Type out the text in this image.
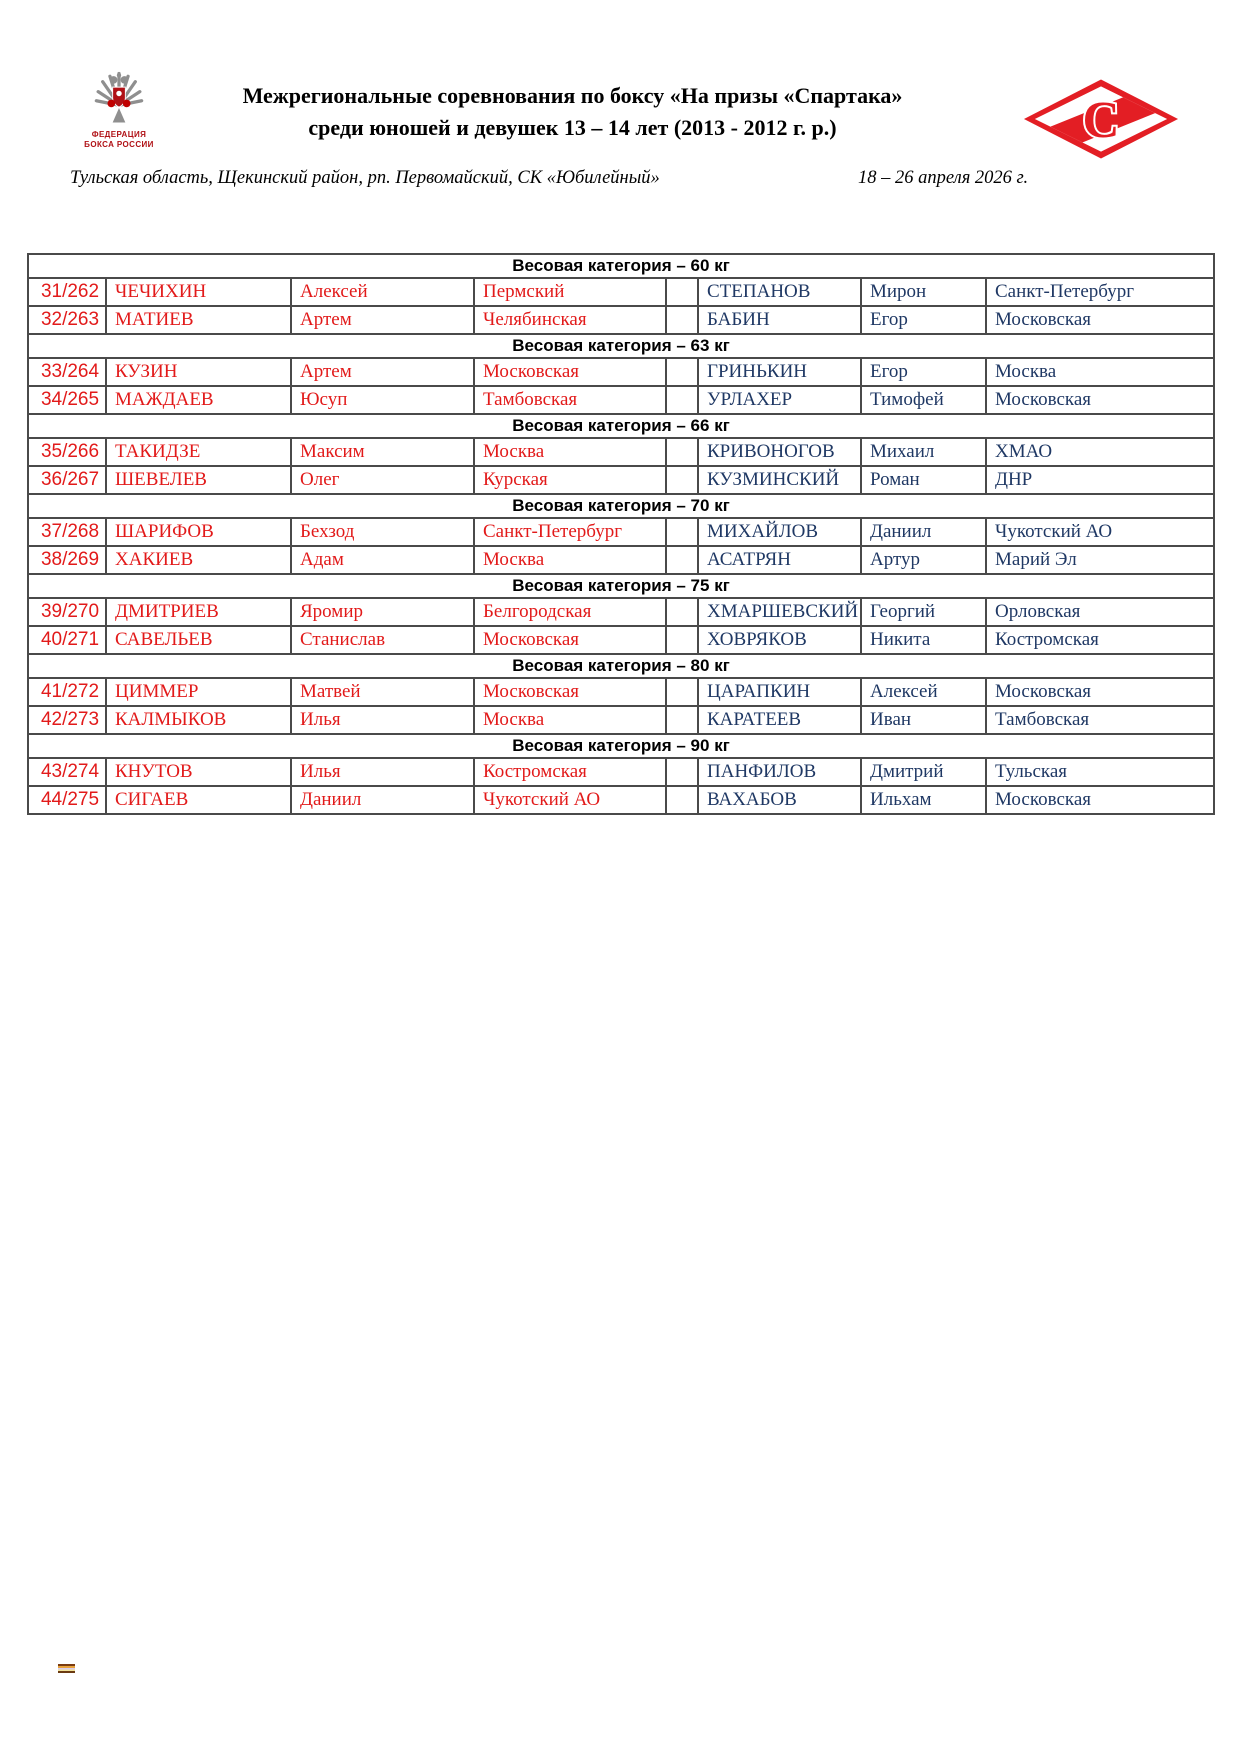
ФЕДЕРАЦИЯ
БОКСА РОССИИ
Межрегиональные соревнования по боксу «На призы «Спартака»
среди юношей и девушек 13 – 14 лет (2013 - 2012 г. р.)	С
Тульская область, Щекинский район, рп. Первомайский, СК «Юбилейный»	18 – 26 апреля 2026 г.
Весовая категория – 60 кг							
31/262	ЧЕЧИХИН	Алексей	Пермский		СТЕПАНОВ	Мирон	Санкт-Петербург
32/263	МАТИЕВ	Артем	Челябинская		БАБИН	Егор	Московская
Весовая категория – 63 кг							
33/264	КУЗИН	Артем	Московская		ГРИНЬКИН	Егор	Москва
34/265	МАЖДАЕВ	Юсуп	Тамбовская		УРЛАХЕР	Тимофей	Московская
Весовая категория – 66 кг							
35/266	ТАКИДЗЕ	Максим	Москва		КРИВОНОГОВ	Михаил	ХМАО
36/267	ШЕВЕЛЕВ	Олег	Курская		КУЗМИНСКИЙ	Роман	ДНР
Весовая категория – 70 кг							
37/268	ШАРИФОВ	Бехзод	Санкт-Петербург		МИХАЙЛОВ	Даниил	Чукотский АО
38/269	ХАКИЕВ	Адам	Москва		АСАТРЯН	Артур	Марий Эл
Весовая категория – 75 кг							
39/270	ДМИТРИЕВ	Яромир	Белгородская		ХМАРШЕВСКИЙ	Георгий	Орловская
40/271	САВЕЛЬЕВ	Станислав	Московская		ХОВРЯКОВ	Никита	Костромская
Весовая категория – 80 кг							
41/272	ЦИММЕР	Матвей	Московская		ЦАРАПКИН	Алексей	Московская
42/273	КАЛМЫКОВ	Илья	Москва		КАРАТЕЕВ	Иван	Тамбовская
Весовая категория – 90 кг							
43/274	КНУТОВ	Илья	Костромская		ПАНФИЛОВ	Дмитрий	Тульская
44/275	СИГАЕВ	Даниил	Чукотский АО		ВАХАБОВ	Ильхам	Московская
